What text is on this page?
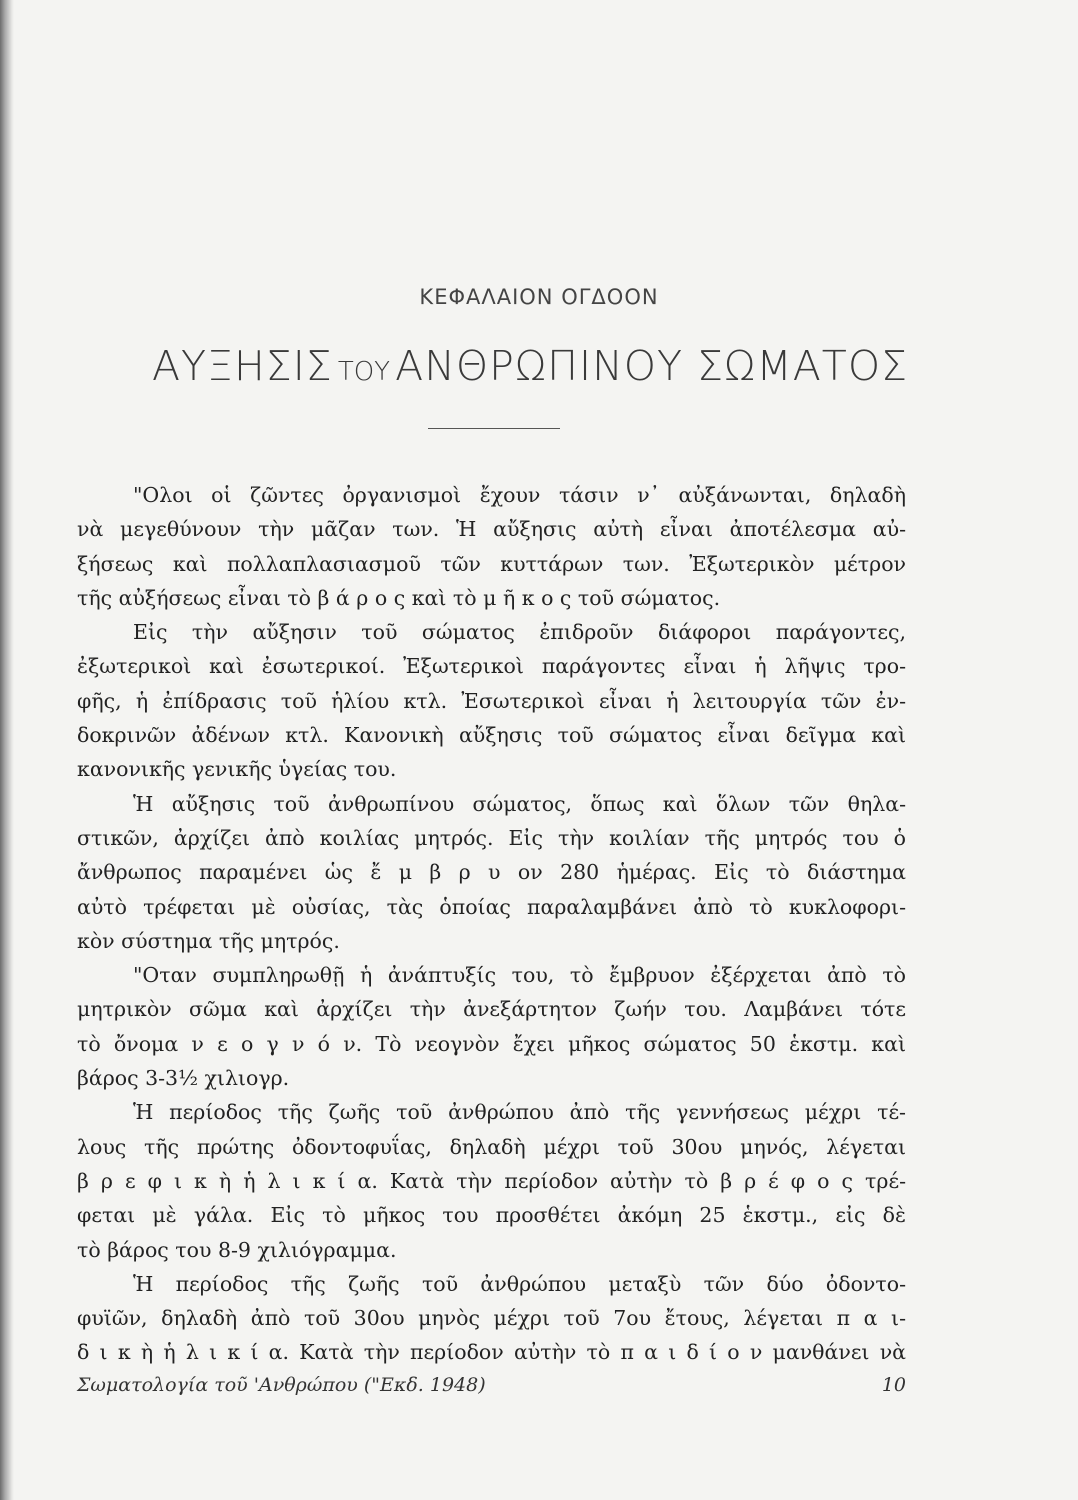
ΚΕΦΑΛΑΙΟΝ ΟΓΔΟΟΝ
ΑΥΞΗΣΙΣ ΤΟΥ ΑΝΘΡΩΠΙΝΟΥ ΣΩΜΑΤΟΣ
"Ολοι οἱ ζῶντες ὀργανισμοὶ ἔχουν τάσιν ν᾽ αὐξάνωνται, δηλαδὴ
νὰ μεγεθύνουν τὴν μᾶζαν των. Ἡ αὔξησις αὐτὴ εἶναι ἀποτέλεσμα αὐ-
ξήσεως καὶ πολλαπλασιασμοῦ τῶν κυττάρων των. Ἐξωτερικὸν μέτρον
τῆς αὐξήσεως εἶναι τὸ β ά ρ ο ς καὶ τὸ μ ῆ κ ο ς τοῦ σώματος.
Εἰς τὴν αὔξησιν τοῦ σώματος ἐπιδροῦν διάφοροι παράγοντες,
ἐξωτερικοὶ καὶ ἐσωτερικοί. Ἐξωτερικοὶ παράγοντες εἶναι ἡ λῆψις τρο-
φῆς, ἡ ἐπίδρασις τοῦ ἡλίου κτλ. Ἐσωτερικοὶ εἶναι ἡ λειτουργία τῶν ἐν-
δοκρινῶν ἀδένων κτλ. Κανονικὴ αὔξησις τοῦ σώματος εἶναι δεῖγμα καὶ
κανονικῆς γενικῆς ὑγείας του.
Ἡ αὔξησις τοῦ ἀνθρωπίνου σώματος, ὅπως καὶ ὅλων τῶν θηλα-
στικῶν, ἀρχίζει ἀπὸ κοιλίας μητρός. Εἰς τὴν κοιλίαν τῆς μητρός του ὁ
ἄνθρωπος παραμένει ὡς ἔ μ β ρ υ ον 280 ἡμέρας. Εἰς τὸ διάστημα
αὐτὸ τρέφεται μὲ οὐσίας, τὰς ὁποίας παραλαμβάνει ἀπὸ τὸ κυκλοφορι-
κὸν σύστημα τῆς μητρός.
"Οταν συμπληρωθῇ ἡ ἀνάπτυξίς του, τὸ ἔμβρυον ἐξέρχεται ἀπὸ τὸ
μητρικὸν σῶμα καὶ ἀρχίζει τὴν ἀνεξάρτητον ζωήν του. Λαμβάνει τότε
τὸ ὄνομα ν ε ο γ ν ό ν. Τὸ νεογνὸν ἔχει μῆκος σώματος 50 ἑκστμ. καὶ
βάρος 3-3½ χιλιογρ.
Ἡ περίοδος τῆς ζωῆς τοῦ ἀνθρώπου ἀπὸ τῆς γεννήσεως μέχρι τέ-
λους τῆς πρώτης ὀδοντοφυΐας, δηλαδὴ μέχρι τοῦ 30ου μηνός, λέγεται
β ρ ε φ ι κ ὴ ἡ λ ι κ ί α. Κατὰ τὴν περίοδον αὐτὴν τὸ β ρ έ φ ο ς τρέ-
φεται μὲ γάλα. Εἰς τὸ μῆκος του προσθέτει ἀκόμη 25 ἑκστμ., εἰς δὲ
τὸ βάρος του 8-9 χιλιόγραμμα.
Ἡ περίοδος τῆς ζωῆς τοῦ ἀνθρώπου μεταξὺ τῶν δύο ὀδοντο-
φυϊῶν, δηλαδὴ ἀπὸ τοῦ 30ου μηνὸς μέχρι τοῦ 7ου ἔτους, λέγεται π α ι-
δ ι κ ὴ ἡ λ ι κ ί α. Κατὰ τὴν περίοδον αὐτὴν τὸ π α ι δ ί ο ν μανθάνει νὰ
Σωματολογία τοῦ 'Ανθρώπου ("Εκδ. 1948)	10
